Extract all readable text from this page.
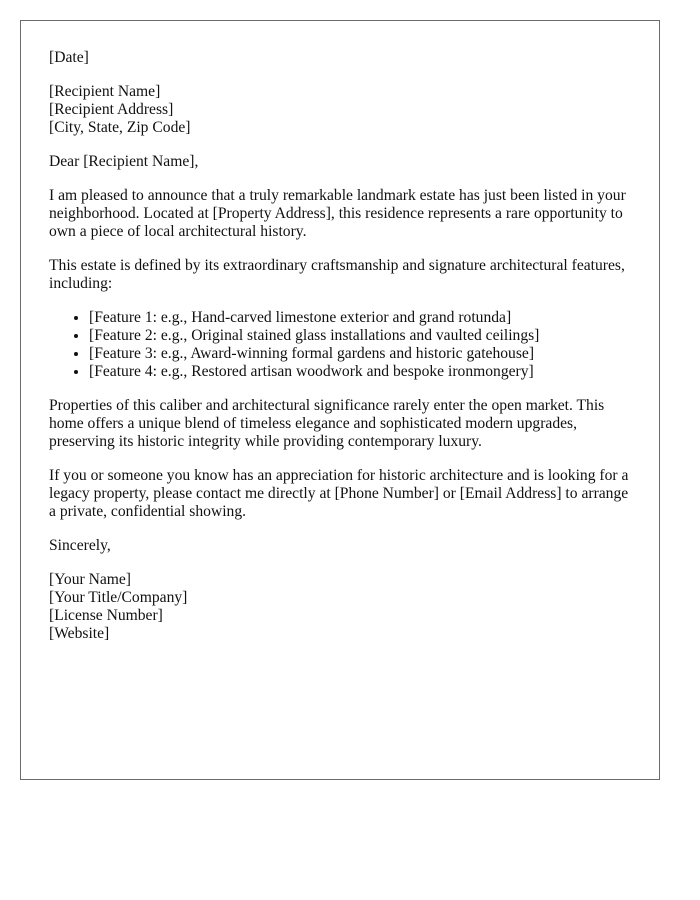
[Date]
[Recipient Name]
[Recipient Address]
[City, State, Zip Code]

Dear [Recipient Name],

I am pleased to announce that a truly remarkable landmark estate has just been listed in your neighborhood. Located at [Property Address], this residence represents a rare opportunity to own a piece of local architectural history.

This estate is defined by its extraordinary craftsmanship and signature architectural features, including:

• [Feature 1: e.g., Hand-carved limestone exterior and grand rotunda]
• [Feature 2: e.g., Original stained glass installations and vaulted ceilings]
• [Feature 3: e.g., Award-winning formal gardens and historic gatehouse]
• [Feature 4: e.g., Restored artisan woodwork and bespoke ironmongery]

Properties of this caliber and architectural significance rarely enter the open market. This home offers a unique blend of timeless elegance and sophisticated modern upgrades, preserving its historic integrity while providing contemporary luxury.

If you or someone you know has an appreciation for historic architecture and is looking for a legacy property, please contact me directly at [Phone Number] or [Email Address] to arrange a private, confidential showing.

Sincerely,

[Your Name]
[Your Title/Company]
[License Number]
[Website]
